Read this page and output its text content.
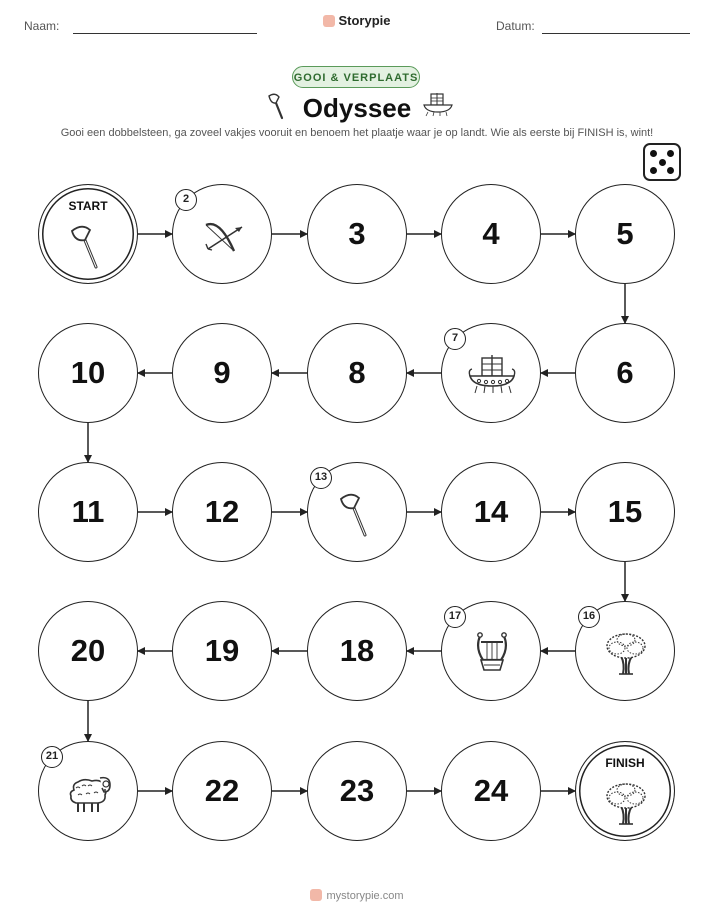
Naam:	Storypie	Datum:
GOOI & VERPLAATS
Odyssee
Gooi een dobbelsteen, ga zoveel vakjes vooruit en benoem het plaatje waar je op landt. Wie als eerste bij FINISH is, wint!
START	2
3	4	5
6
7
8
9
10
11	12
13
14	15
16
17
18
19
20
21
22	23	24
FINISH
mystorypie.com
